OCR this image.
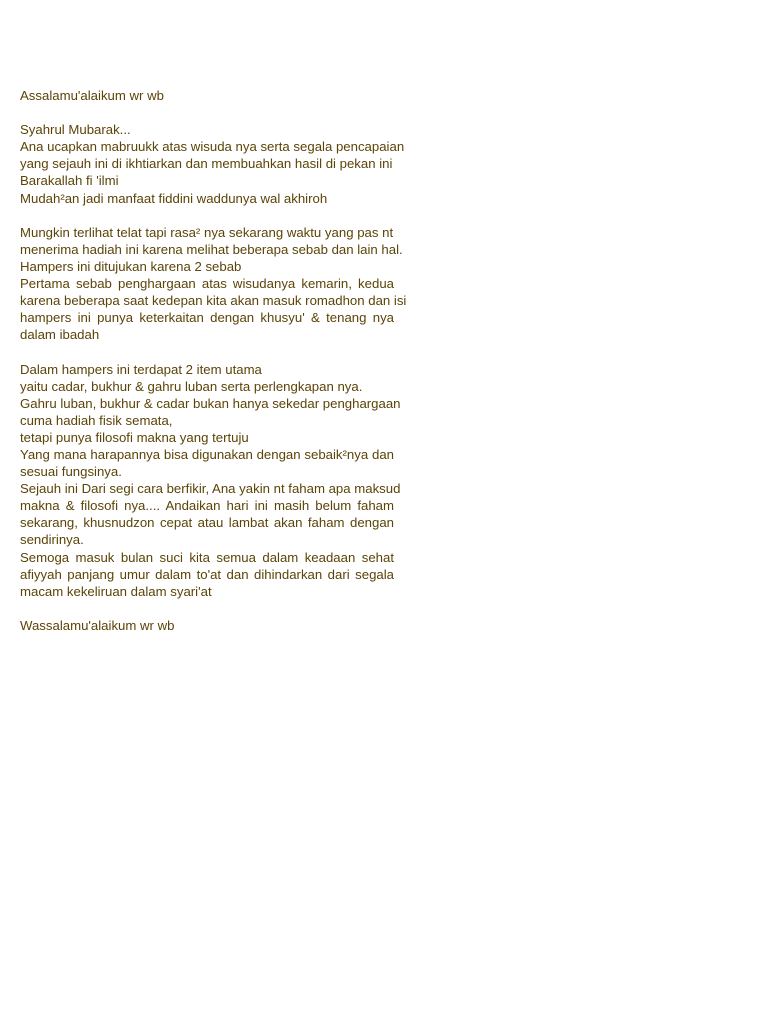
Assalamu'alaikum wr wb

Syahrul Mubarak...
Ana ucapkan mabruukk atas wisuda nya serta segala pencapaian
yang sejauh ini di ikhtiarkan dan membuahkan hasil di pekan ini
Barakallah fi 'ilmi
Mudah²an jadi manfaat fiddini waddunya wal akhiroh

Mungkin terlihat telat tapi rasa² nya sekarang waktu yang pas nt
menerima hadiah ini karena melihat beberapa sebab dan lain hal.
Hampers ini ditujukan karena 2 sebab
Pertama sebab penghargaan atas wisudanya kemarin, kedua
karena beberapa saat kedepan kita akan masuk romadhon dan isi
hampers ini punya keterkaitan dengan khusyu' & tenang nya
dalam ibadah

Dalam hampers ini terdapat 2 item utama
yaitu cadar, bukhur & gahru luban serta perlengkapan nya.
Gahru luban, bukhur & cadar bukan hanya sekedar penghargaan
cuma hadiah fisik semata,
tetapi punya filosofi makna yang tertuju
Yang mana harapannya bisa digunakan dengan sebaik²nya dan
sesuai fungsinya.
Sejauh ini Dari segi cara berfikir, Ana yakin nt faham apa maksud
makna & filosofi nya.... Andaikan hari ini masih belum faham
sekarang, khusnudzon cepat atau lambat akan faham dengan
sendirinya.
Semoga masuk bulan suci kita semua dalam keadaan sehat
afiyyah panjang umur dalam to'at dan dihindarkan dari segala
macam kekeliruan dalam syari'at

Wassalamu'alaikum wr wb
